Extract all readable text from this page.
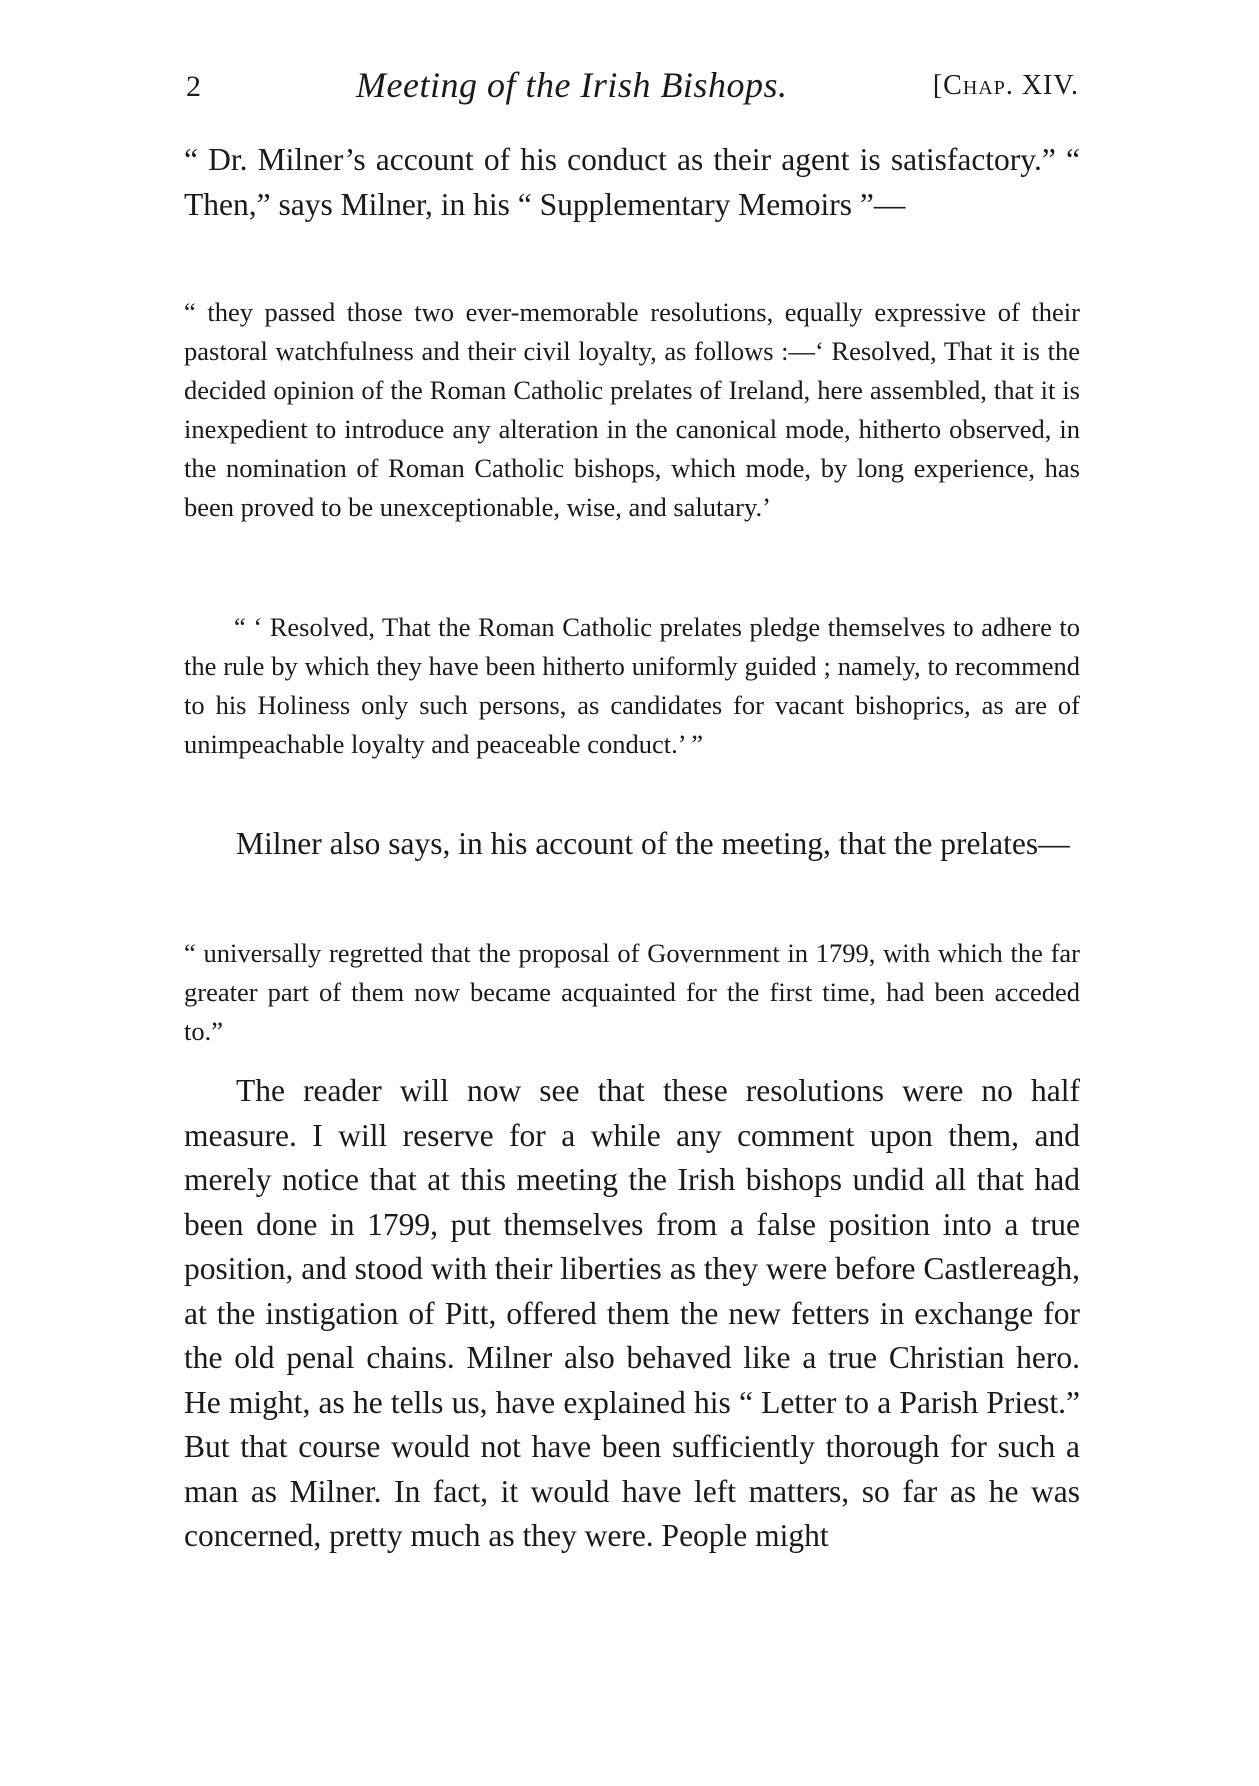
2	Meeting of the Irish Bishops.	[Chap. XIV.

“ Dr. Milner’s account of his conduct as their agent is satisfactory.” “ Then,” says Milner, in his “ Supplementary Memoirs ”—

“ they passed those two ever-memorable resolutions, equally expressive of their pastoral watchfulness and their civil loyalty, as follows :—‘ Resolved, That it is the decided opinion of the Roman Catholic prelates of Ireland, here assembled, that it is inexpedient to introduce any alteration in the canonical mode, hitherto observed, in the nomination of Roman Catholic bishops, which mode, by long experience, has been proved to be unexceptionable, wise, and salutary.’

“ ‘ Resolved, That the Roman Catholic prelates pledge themselves to adhere to the rule by which they have been hitherto uniformly guided ; namely, to recommend to his Holiness only such persons, as candidates for vacant bishoprics, as are of unimpeachable loyalty and peaceable conduct.’ ”

Milner also says, in his account of the meeting, that the prelates—

“ universally regretted that the proposal of Government in 1799, with which the far greater part of them now became acquainted for the first time, had been acceded to.”

The reader will now see that these resolutions were no half measure. I will reserve for a while any comment upon them, and merely notice that at this meeting the Irish bishops undid all that had been done in 1799, put themselves from a false position into a true position, and stood with their liberties as they were before Castlereagh, at the instigation of Pitt, offered them the new fetters in exchange for the old penal chains. Milner also behaved like a true Christian hero. He might, as he tells us, have explained his “ Letter to a Parish Priest.” But that course would not have been sufficiently thorough for such a man as Milner. In fact, it would have left matters, so far as he was concerned, pretty much as they were. People might
